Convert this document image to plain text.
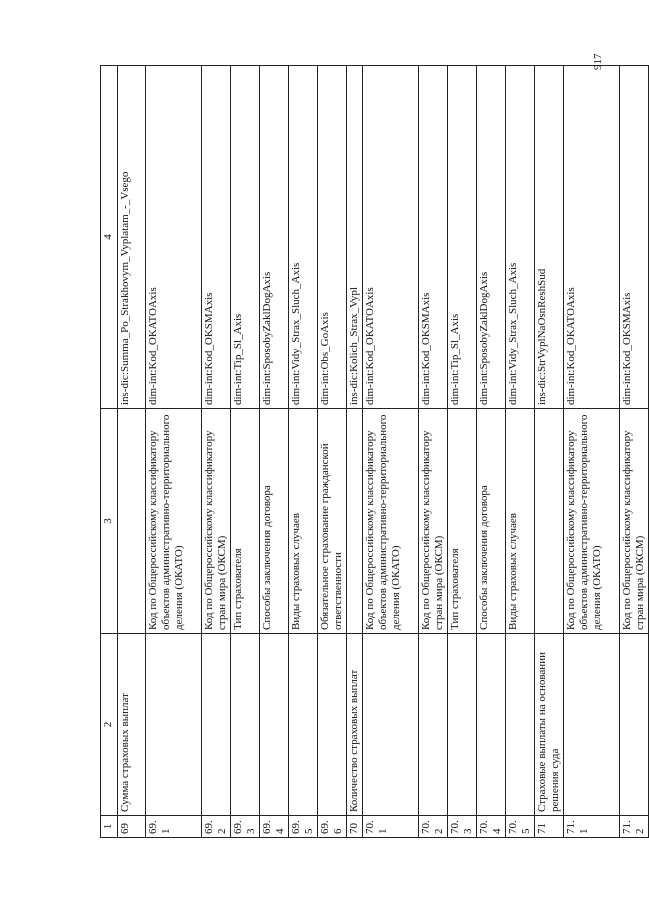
1	2	3	4
69	Сумма страховых выплат		ins-dic:Summa_Po_Strakhovym_Vyplatam_-_Vsego
69.1		Код по Общероссийскому классификатору объектов административно-территориального деления (ОКАТО)	dim-int:Kod_OKATOAxis
69.2		Код по Общероссийскому классификатору стран мира (ОКСМ)	dim-int:Kod_OKSMAxis
69.3		Тип страхователя	dim-int:Tip_Sl_Axis
69.4		Способы заключения договора	dim-int:SposobyZaklDogAxis
69.5		Виды страховых случаев	dim-int:Vidy_Strax_Sluch_Axis
69.6		Обязательное страхование гражданской ответственности	dim-int:Obs_GoAxis
70	Количество страховых выплат		ins-dic:Kolich_Strax_Vypl
70.1		Код по Общероссийскому классификатору объектов административно-территориального деления (ОКАТО)	dim-int:Kod_OKATOAxis
70.2		Код по Общероссийскому классификатору стран мира (ОКСМ)	dim-int:Kod_OKSMAxis
70.3		Тип страхователя	dim-int:Tip_Sl_Axis
70.4		Способы заключения договора	dim-int:SposobyZaklDogAxis
70.5		Виды страховых случаев	dim-int:Vidy_Strax_Sluch_Axis
71	Страховые выплаты на основании решения суда		ins-dic:StrVyplNaOsnReshSud
71.1		Код по Общероссийскому классификатору объектов административно-территориального деления (ОКАТО)	dim-int:Kod_OKATOAxis
71.2		Код по Общероссийскому классификатору стран мира (ОКСМ)	dim-int:Kod_OKSMAxis
917
